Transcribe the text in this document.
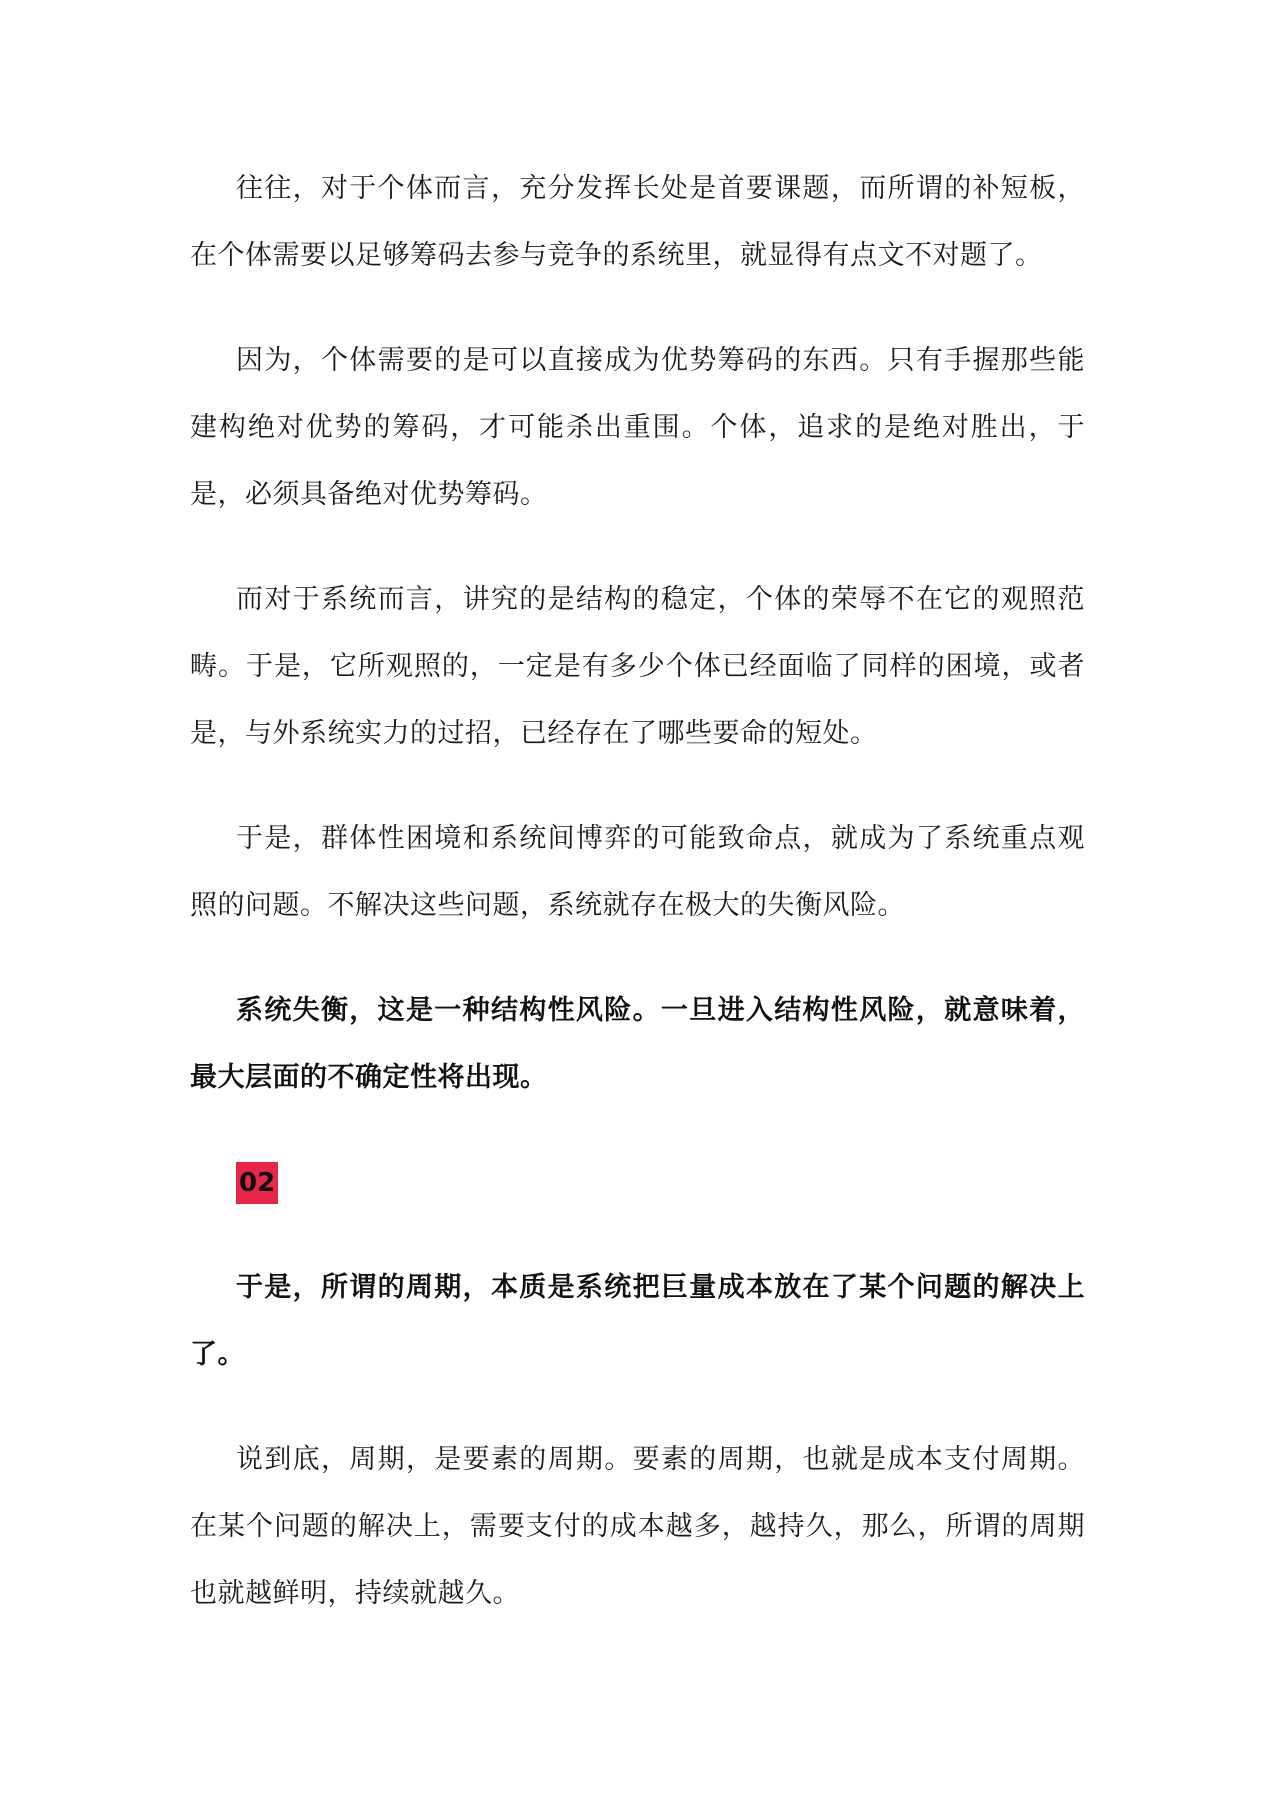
往往，对于个体而言，充分发挥长处是首要课题，而所谓的补短板，在个体需要以足够筹码去参与竞争的系统里，就显得有点文不对题了。

因为，个体需要的是可以直接成为优势筹码的东西。只有手握那些能建构绝对优势的筹码，才可能杀出重围。个体，追求的是绝对胜出，于是，必须具备绝对优势筹码。

而对于系统而言，讲究的是结构的稳定，个体的荣辱不在它的观照范畴。于是，它所观照的，一定是有多少个体已经面临了同样的困境，或者是，与外系统实力的过招，已经存在了哪些要命的短处。

于是，群体性困境和系统间博弈的可能致命点，就成为了系统重点观照的问题。不解决这些问题，系统就存在极大的失衡风险。

系统失衡，这是一种结构性风险。一旦进入结构性风险，就意味着，最大层面的不确定性将出现。

02

于是，所谓的周期，本质是系统把巨量成本放在了某个问题的解决上了。

说到底，周期，是要素的周期。要素的周期，也就是成本支付周期。在某个问题的解决上，需要支付的成本越多，越持久，那么，所谓的周期也就越鲜明，持续就越久。
